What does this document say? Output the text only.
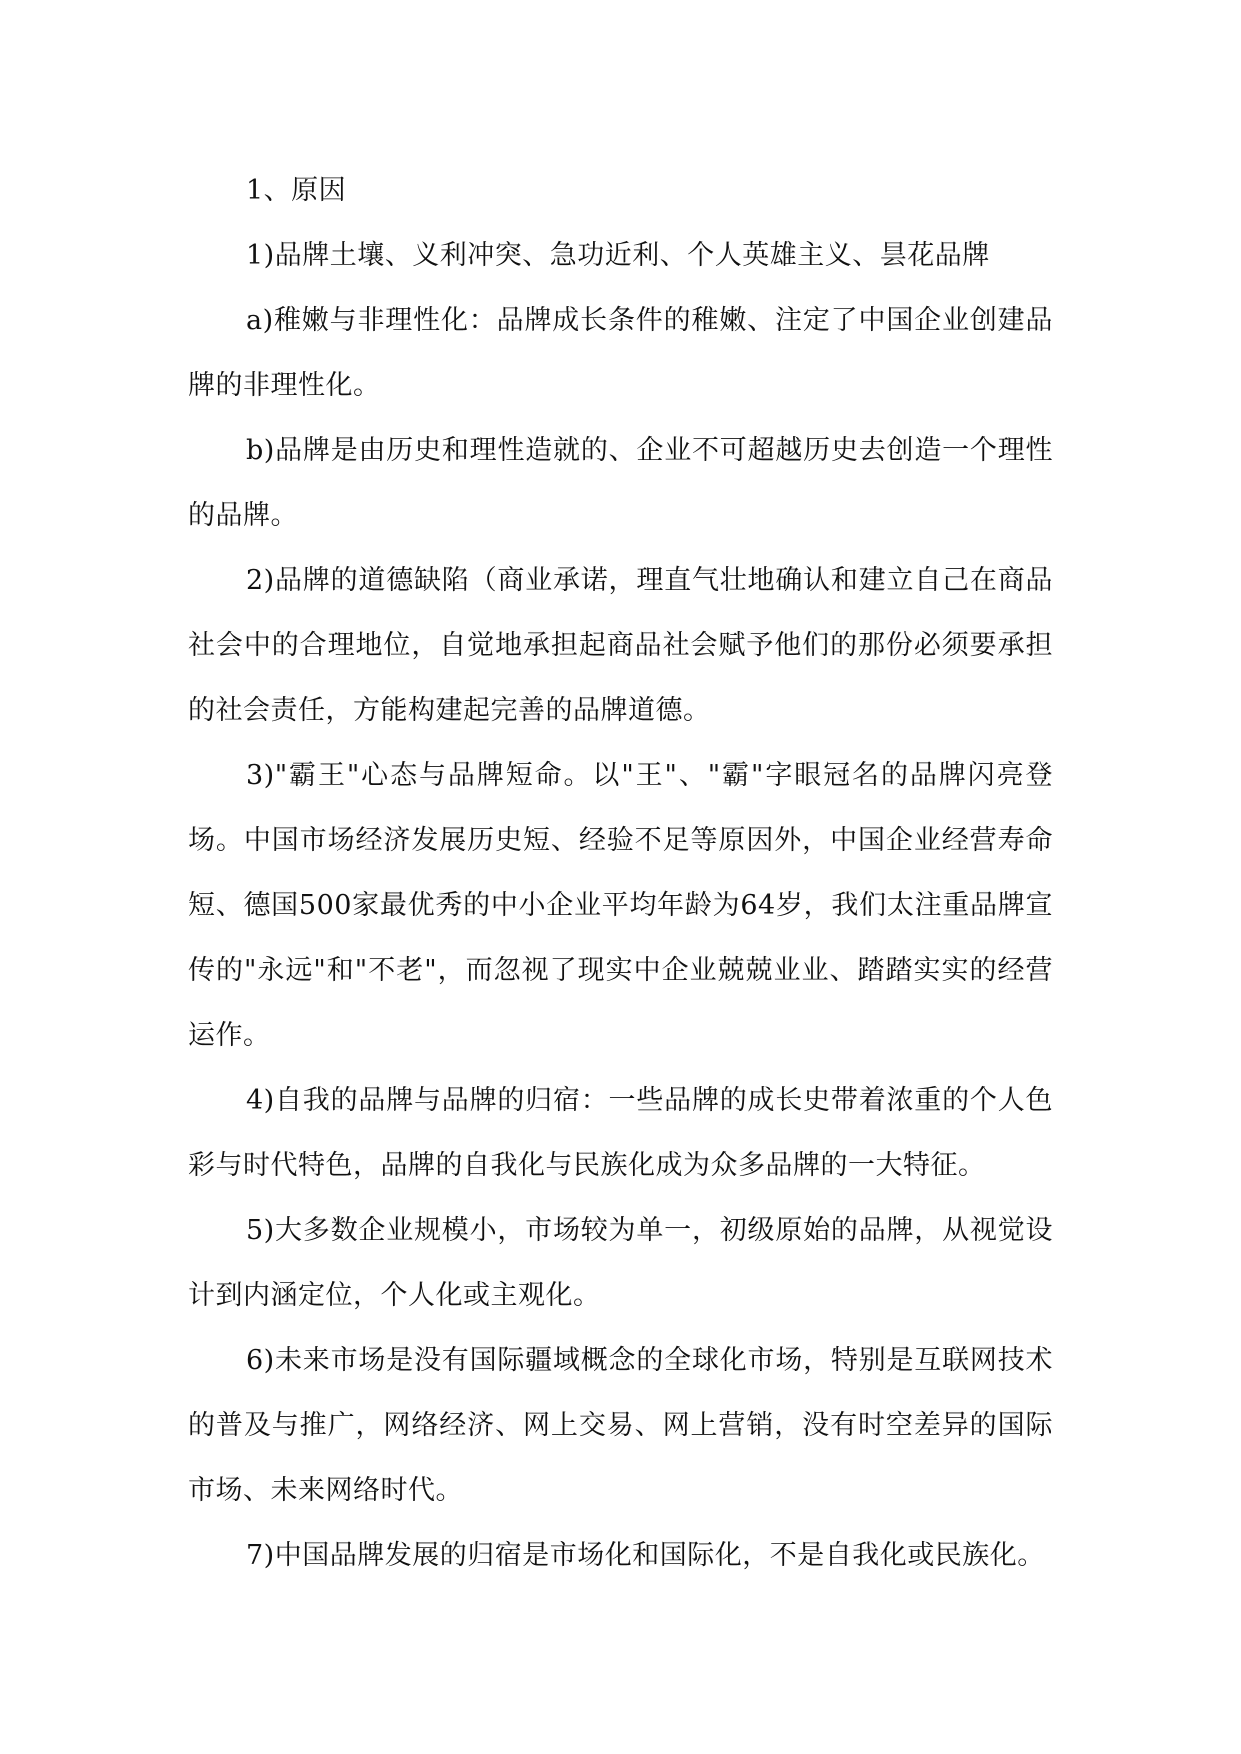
1、原因

1)品牌土壤、义利冲突、急功近利、个人英雄主义、昙花品牌

a)稚嫩与非理性化：品牌成长条件的稚嫩、注定了中国企业创建品牌的非理性化。

b)品牌是由历史和理性造就的、企业不可超越历史去创造一个理性的品牌。

2)品牌的道德缺陷（商业承诺，理直气壮地确认和建立自己在商品社会中的合理地位，自觉地承担起商品社会赋予他们的那份必须要承担的社会责任，方能构建起完善的品牌道德。

3)"霸王"心态与品牌短命。以"王"、"霸"字眼冠名的品牌闪亮登场。中国市场经济发展历史短、经验不足等原因外，中国企业经营寿命短、德国500家最优秀的中小企业平均年龄为64岁，我们太注重品牌宣传的"永远"和"不老"，而忽视了现实中企业兢兢业业、踏踏实实的经营运作。

4)自我的品牌与品牌的归宿：一些品牌的成长史带着浓重的个人色彩与时代特色，品牌的自我化与民族化成为众多品牌的一大特征。

5)大多数企业规模小，市场较为单一，初级原始的品牌，从视觉设计到内涵定位，个人化或主观化。

6)未来市场是没有国际疆域概念的全球化市场，特别是互联网技术的普及与推广，网络经济、网上交易、网上营销，没有时空差异的国际市场、未来网络时代。

7)中国品牌发展的归宿是市场化和国际化，不是自我化或民族化。
